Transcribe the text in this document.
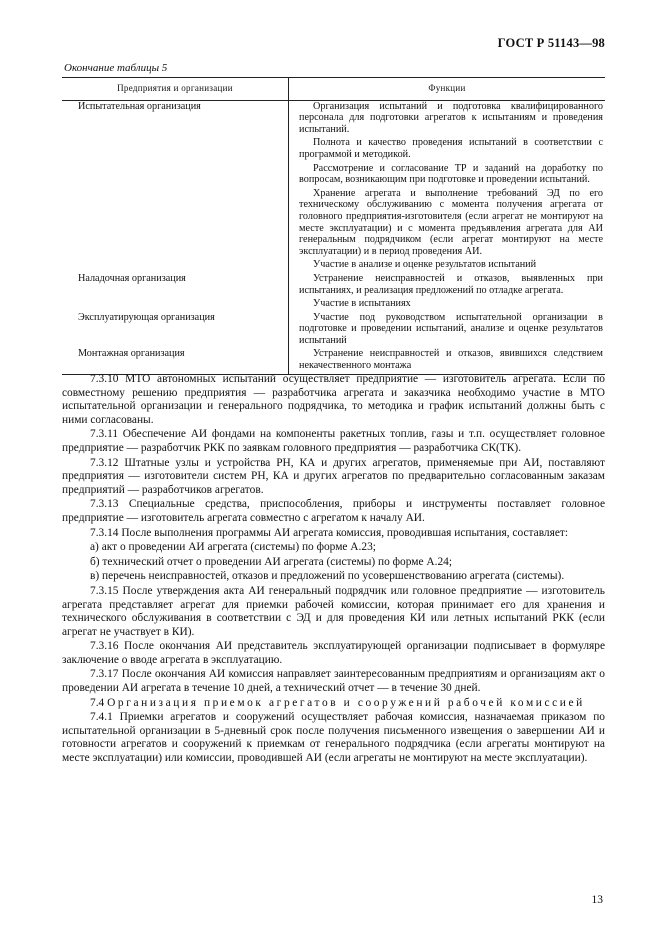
ГОСТ Р 51143—98
Окончание таблицы 5
Предприятия и организации	Функции
Испытательная организация	Организация испытаний и подготовка квалифицированного персонала для подготовки агрегатов к испытаниям и проведения испытаний.

Полнота и качество проведения испытаний в соответствии с программой и методикой.

Рассмотрение и согласование ТР и заданий на доработку по вопросам, возникающим при подготовке и проведении испытаний.

Хранение агрегата и выполнение требований ЭД по его техническому обслуживанию с момента получения агрегата от головного предприятия-изготовителя (если агрегат не монтируют на месте эксплуатации) и с момента предъявления агрегата для АИ генеральным подрядчиком (если агрегат монтируют на месте эксплуатации) и в период проведения АИ.

Участие в анализе и оценке результатов испытаний

Наладочная организация	Устранение неисправностей и отказов, выявленных при испытаниях, и реализация предложений по отладке агрегата.

Участие в испытаниях

Эксплуатирующая организация	Участие под руководством испытательной организации в подготовке и проведении испытаний, анализе и оценке результатов испытаний

Монтажная организация	Устранение неисправностей и отказов, явившихся следствием некачественного монтажа

7.3.10 МТО автономных испытаний осуществляет предприятие — изготовитель агрегата. Если по совместному решению предприятия — разработчика агрегата и заказчика необходимо участие в МТО испытательной организации и генерального подрядчика, то методика и график испытаний должны быть с ними согласованы.

7.3.11 Обеспечение АИ фондами на компоненты ракетных топлив, газы и т.п. осуществляет головное предприятие — разработчик РКК по заявкам головного предприятия — разработчика СК(ТК).

7.3.12 Штатные узлы и устройства РН, КА и других агрегатов, применяемые при АИ, поставляют предприятия — изготовители систем РН, КА и других агрегатов по предварительно согласованным заказам предприятий — разработчиков агрегатов.

7.3.13 Специальные средства, приспособления, приборы и инструменты поставляет головное предприятие — изготовитель агрегата совместно с агрегатом к началу АИ.

7.3.14 После выполнения программы АИ агрегата комиссия, проводившая испытания, составляет:

а) акт о проведении АИ агрегата (системы) по форме А.23;

б) технический отчет о проведении АИ агрегата (системы) по форме А.24;

в) перечень неисправностей, отказов и предложений по усовершенствованию агрегата (системы).

7.3.15 После утверждения акта АИ генеральный подрядчик или головное предприятие — изготовитель агрегата представляет агрегат для приемки рабочей комиссии, которая принимает его для хранения и технического обслуживания в соответствии с ЭД и для проведения КИ или летных испытаний РКК (если агрегат не участвует в КИ).

7.3.16 После окончания АИ представитель эксплуатирующей организации подписывает в формуляре заключение о вводе агрегата в эксплуатацию.

7.3.17 После окончания АИ комиссия направляет заинтересованным предприятиям и организациям акт о проведении АИ агрегата в течение 10 дней, а технический отчет — в течение 30 дней.

7.4 Организация приемок агрегатов и сооружений рабочей комиссией

7.4.1 Приемки агрегатов и сооружений осуществляет рабочая комиссия, назначаемая приказом по испытательной организации в 5-дневный срок после получения письменного извещения о завершении АИ и готовности агрегатов и сооружений к приемкам от генерального подрядчика (если агрегаты монтируют на месте эксплуатации) или комиссии, проводившей АИ (если агрегаты не монтируют на месте эксплуатации).

13
